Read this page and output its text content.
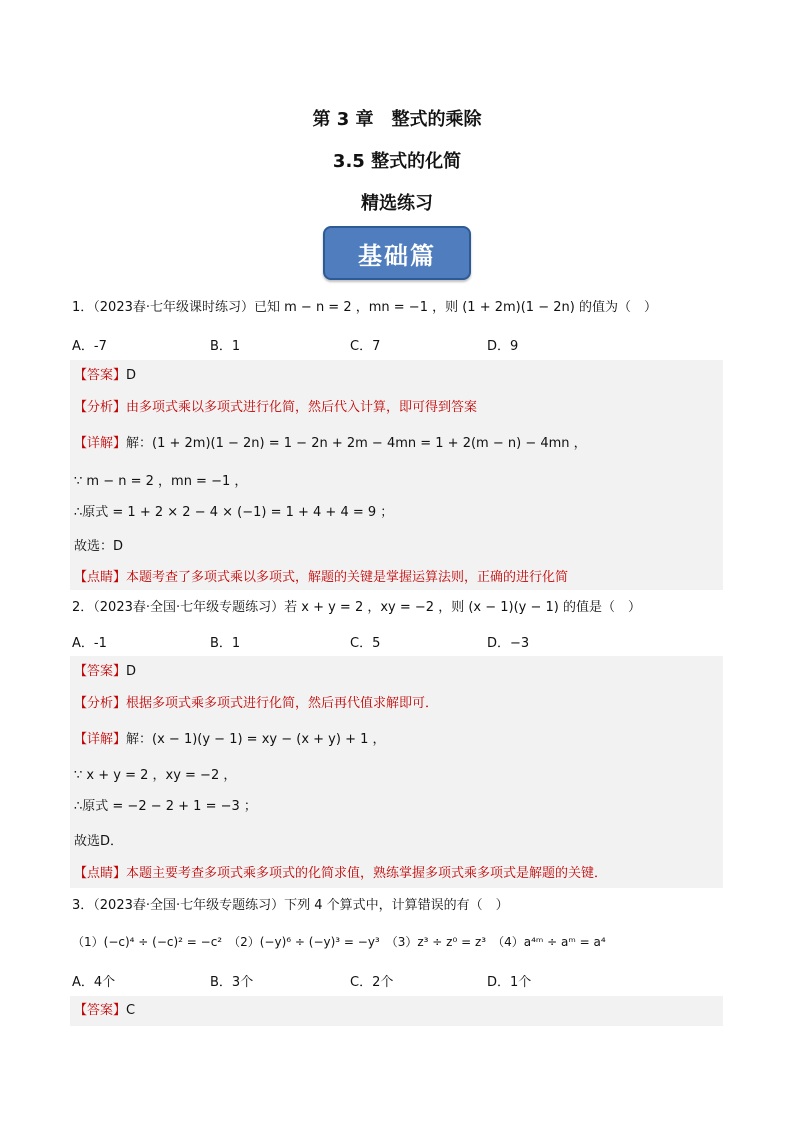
第 3 章　整式的乘除
3.5 整式的化简
精选练习
基础篇
1．（2023春·七年级课时练习）已知 m − n = 2 ，mn = −1 ，则 (1 + 2m)(1 − 2n) 的值为（　）
A．-7	B．1	C．7	D．9
【答案】D
【分析】由多项式乘以多项式进行化简，然后代入计算，即可得到答案
【详解】解：(1 + 2m)(1 − 2n) = 1 − 2n + 2m − 4mn = 1 + 2(m − n) − 4mn ，
∵ m − n = 2 ，mn = −1 ，
∴原式 = 1 + 2 × 2 − 4 × (−1) = 1 + 4 + 4 = 9 ；
故选：D
【点睛】本题考查了多项式乘以多项式，解题的关键是掌握运算法则，正确的进行化简
2．（2023春·全国·七年级专题练习）若 x + y = 2 ，xy = −2 ，则 (x − 1)(y − 1) 的值是（　）
A．-1	B．1	C．5	D．−3
【答案】D
【分析】根据多项式乘多项式进行化简，然后再代值求解即可．
【详解】解：(x − 1)(y − 1) = xy − (x + y) + 1 ，
∵ x + y = 2 ，xy = −2 ，
∴原式 = −2 − 2 + 1 = −3 ；
故选D．
【点睛】本题主要考查多项式乘多项式的化简求值，熟练掌握多项式乘多项式是解题的关键．
3．（2023春·全国·七年级专题练习）下列 4 个算式中，计算错误的有（　）
（1）(−c)⁴ ÷ (−c)² = −c²　（2）(−y)⁶ ÷ (−y)³ = −y³　（3）z³ ÷ z⁰ = z³　（4）a⁴ᵐ ÷ aᵐ = a⁴
A．4个	B．3个	C．2个	D．1个
【答案】C
